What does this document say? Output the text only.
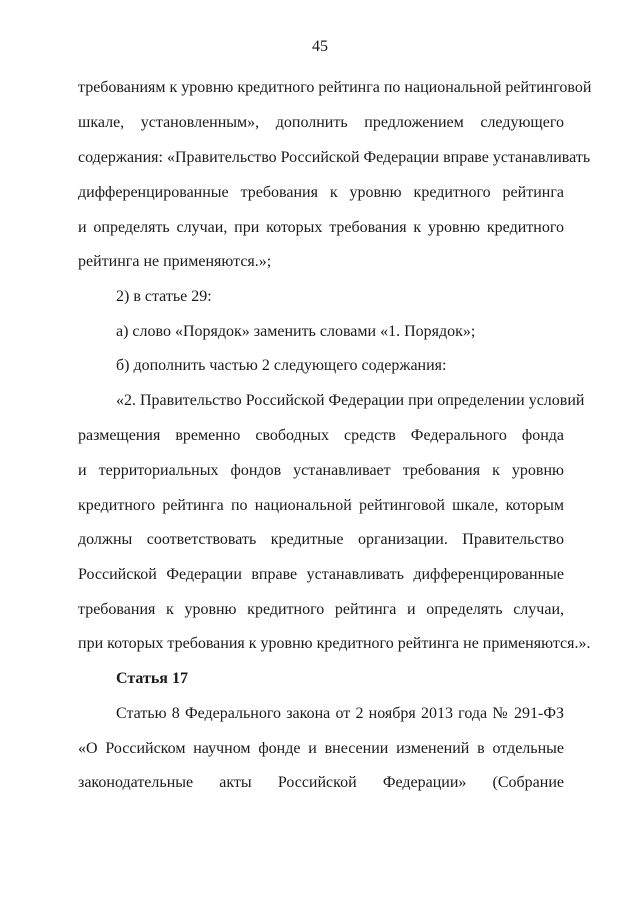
45
требованиям к уровню кредитного рейтинга по национальной рейтинговой
шкале, установленным», дополнить предложением следующего
содержания: «Правительство Российской Федерации вправе устанавливать
дифференцированные требования к уровню кредитного рейтинга
и определять случаи, при которых требования к уровню кредитного
рейтинга не применяются.»;
2) в статье 29:
а) слово «Порядок» заменить словами «1. Порядок»;
б) дополнить частью 2 следующего содержания:
«2. Правительство Российской Федерации при определении условий
размещения временно свободных средств Федерального фонда
и территориальных фондов устанавливает требования к уровню
кредитного рейтинга по национальной рейтинговой шкале, которым
должны соответствовать кредитные организации. Правительство
Российской Федерации вправе устанавливать дифференцированные
требования к уровню кредитного рейтинга и определять случаи,
при которых требования к уровню кредитного рейтинга не применяются.».
Статья 17
Статью 8 Федерального закона от 2 ноября 2013 года № 291-ФЗ
«О Российском научном фонде и внесении изменений в отдельные
законодательные акты Российской Федерации» (Собрание
